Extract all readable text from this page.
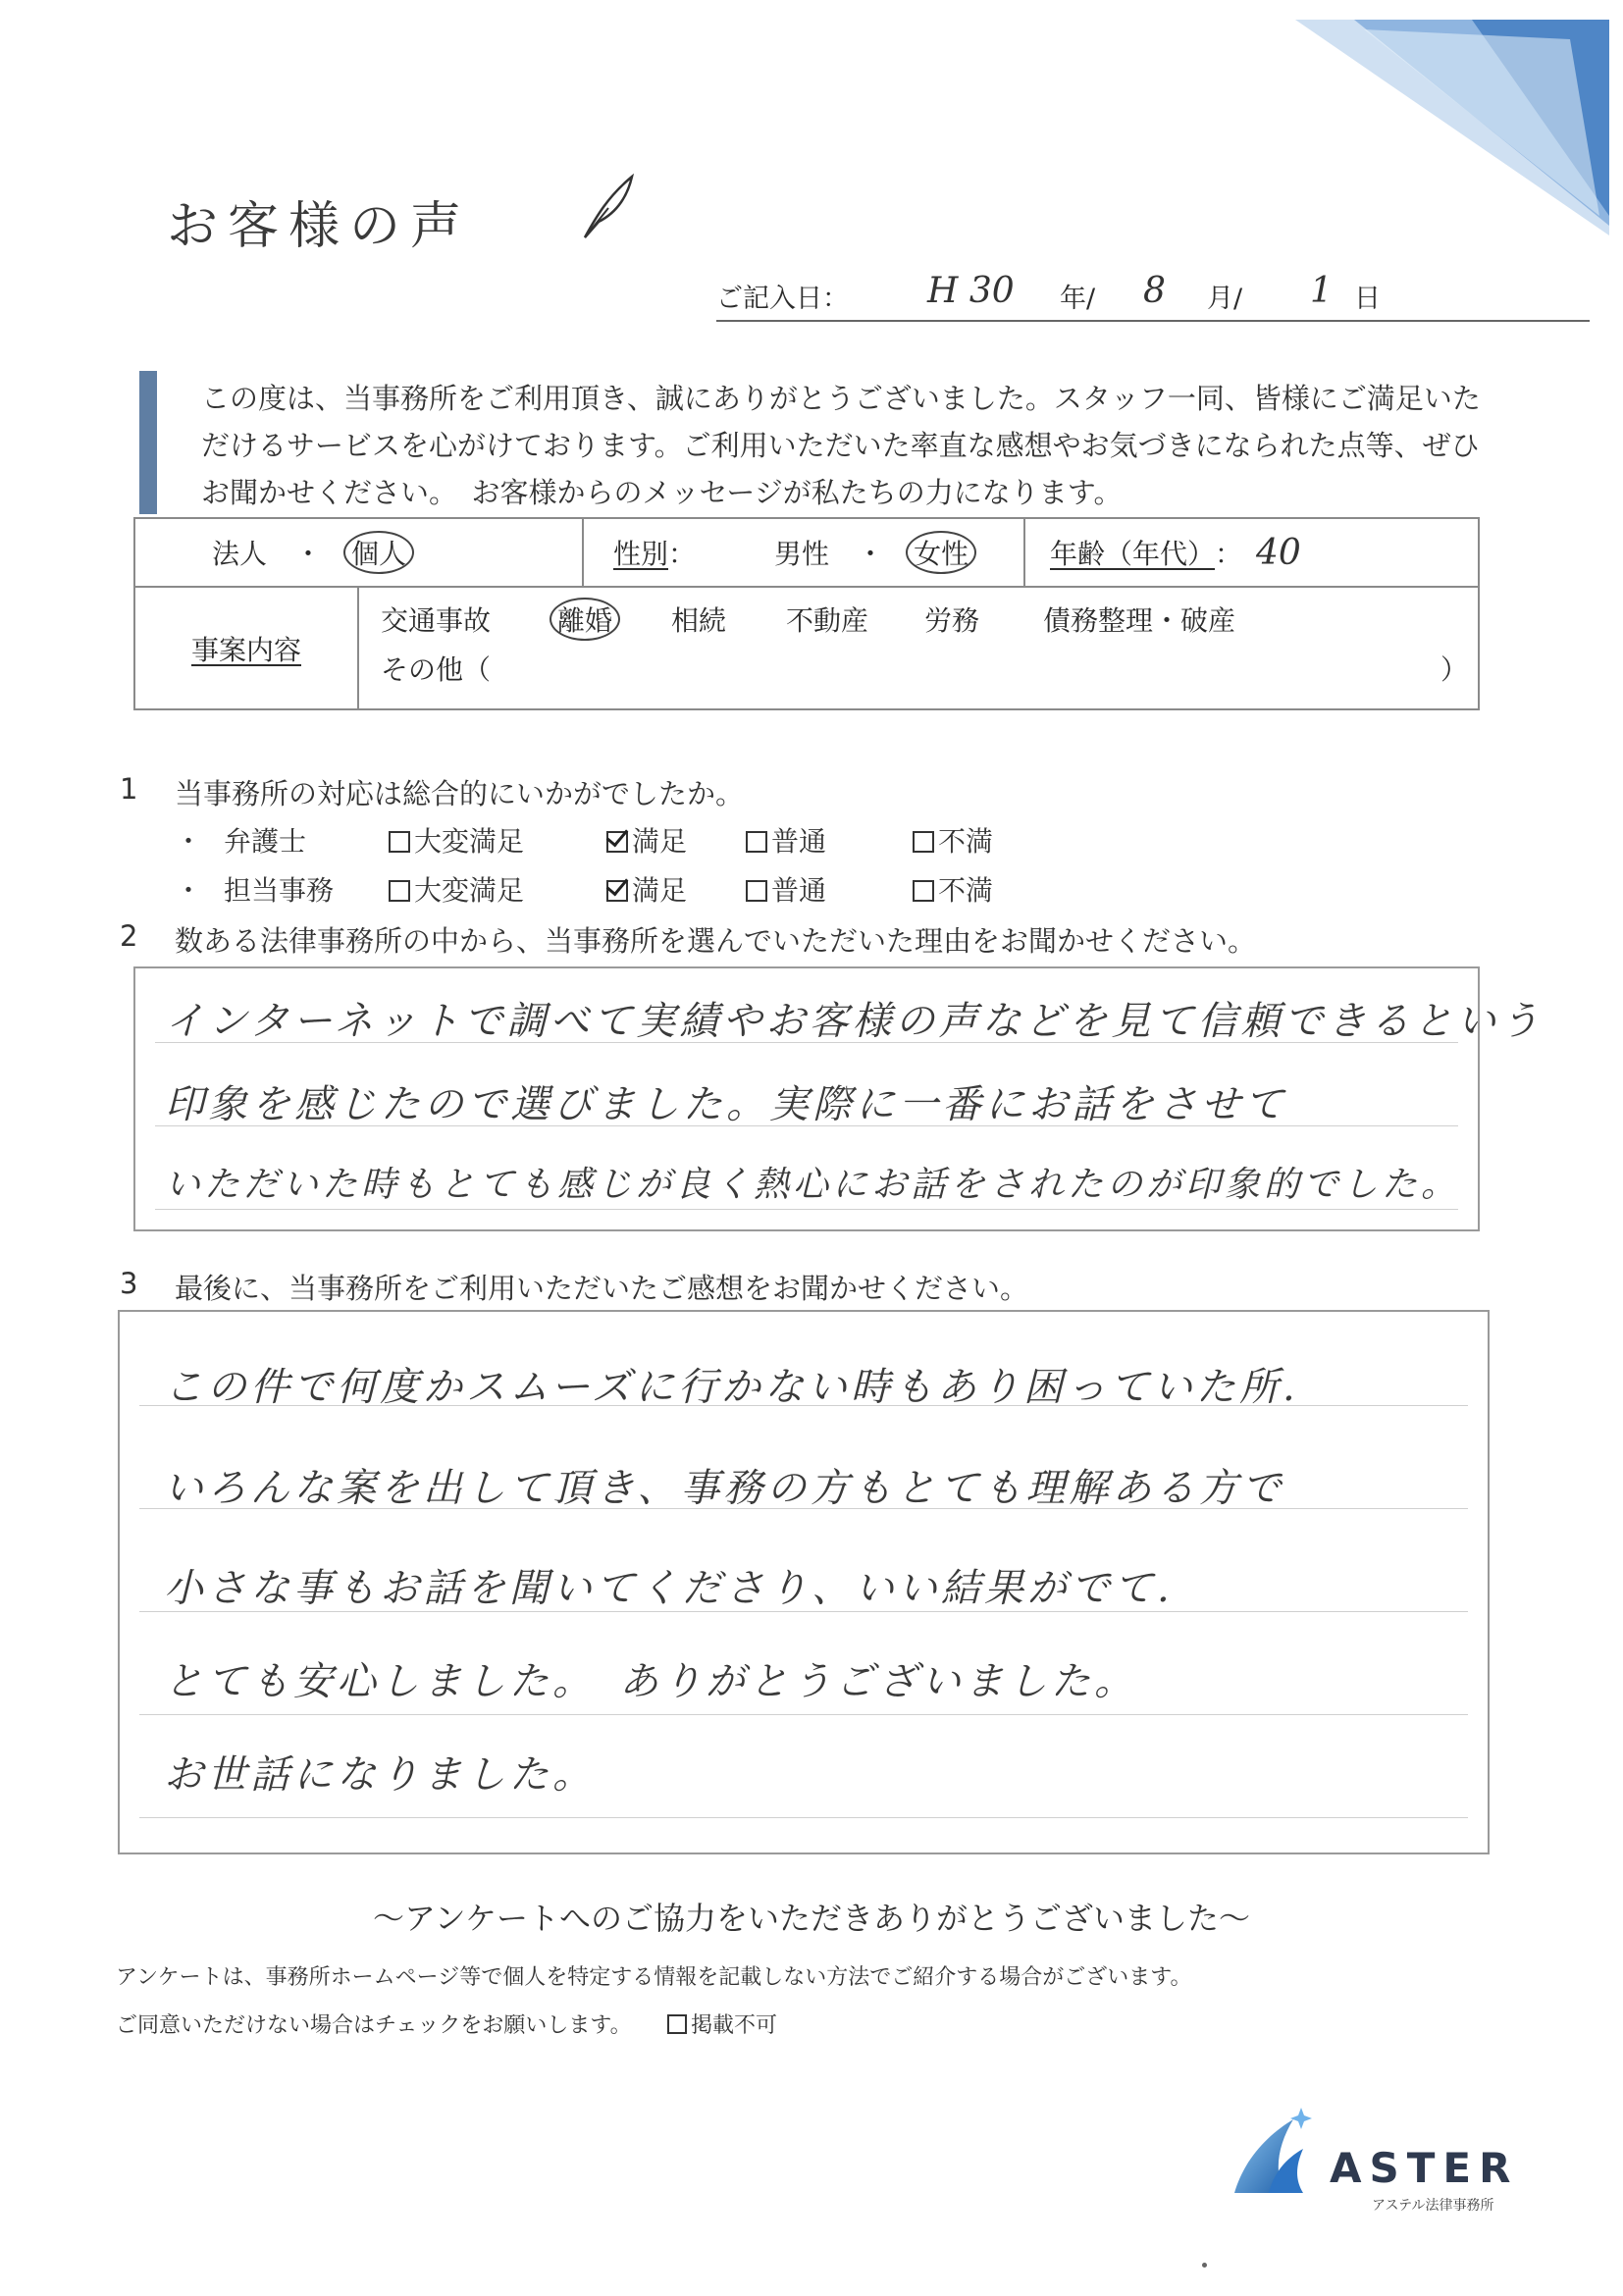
お客様の声
ご記入日： H 30 年/ 8 月/ 1 日
この度は、当事務所をご利用頂き、誠にありがとうございました。スタッフ一同、皆様にご満足いた
だけるサービスを心がけております。ご利用いただいた率直な感想やお気づきになられた点等、ぜひ
お聞かせください。　お客様からのメッセージが私たちの力になります。
法人 ・ 個人	性別 ：	男性 ・ 女性	年齢（年代） ： 40
事案内容
交通事故 離婚 相続 不動産 労務 債務整理・破産
その他（	）
1 当事務所の対応は総合的にいかがでしたか。
・ 弁護士	大変満足	満足	普通	不満
・ 担当事務	大変満足	満足	普通	不満
2 数ある法律事務所の中から、当事務所を選んでいただいた理由をお聞かせください。
インターネットで調べて実績やお客様の声などを見て信頼できるという
印象を感じたので選びました。実際に一番にお話をさせて
いただいた時もとても感じが良く熱心にお話をされたのが印象的でした。
3 最後に、当事務所をご利用いただいたご感想をお聞かせください。
この件で何度かスムーズに行かない時もあり困っていた所.
いろんな案を出して頂き、事務の方もとても理解ある方で
小さな事もお話を聞いてくださり、いい結果がでて.
とても安心しました。　ありがとうございました。
お世話になりました。
～アンケートへのご協力をいただきありがとうございました～
アンケートは、事務所ホームページ等で個人を特定する情報を記載しない方法でご紹介する場合がございます。
ご同意いただけない場合はチェックをお願いします。	掲載不可
ASTER
アステル法律事務所
